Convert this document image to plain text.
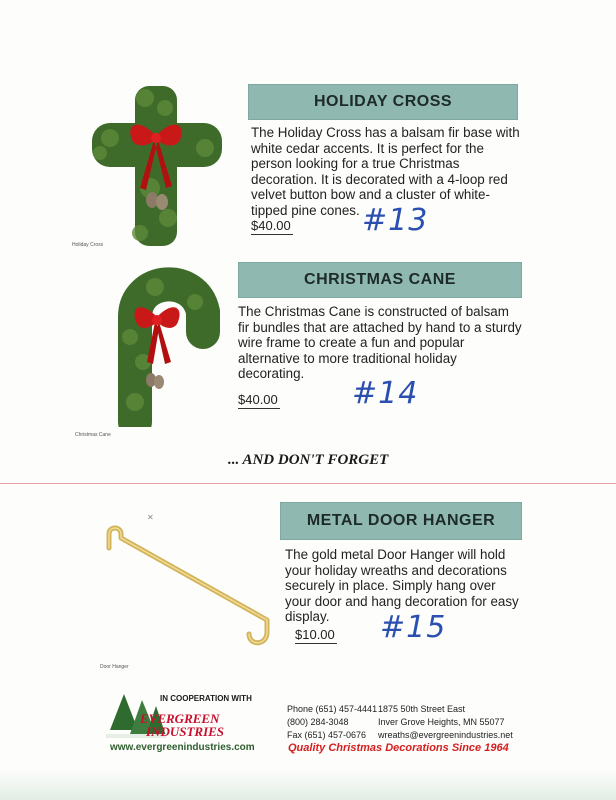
Holiday Cross
HOLIDAY CROSS
The Holiday Cross has a balsam fir base with white cedar accents. It is perfect for the person looking for a true Christmas decoration. It is decorated with a 4-loop red velvet button bow and a cluster of white-tipped pine cones.
$40.00 #13
Christmas Cane
CHRISTMAS CANE
The Christmas Cane is constructed of balsam fir bundles that are attached by hand to a sturdy wire frame to create a fun and popular alternative to more traditional holiday decorating.
$40.00 #14
... AND DON'T FORGET
✕
Door Hanger
METAL DOOR HANGER
The gold metal Door Hanger will hold your holiday wreaths and decorations securely in place. Simply hang over your door and hang decoration for easy display.
$10.00 #15
IN COOPERATION WITH
EVERGREEN
INDUSTRIES
www.evergreenindustries.com
Phone (651) 457-4441
(800) 284-3048
Fax (651) 457-0676
1875 50th Street East
Inver Grove Heights, MN 55077
wreaths@evergreenindustries.net
Quality Christmas Decorations Since 1964
